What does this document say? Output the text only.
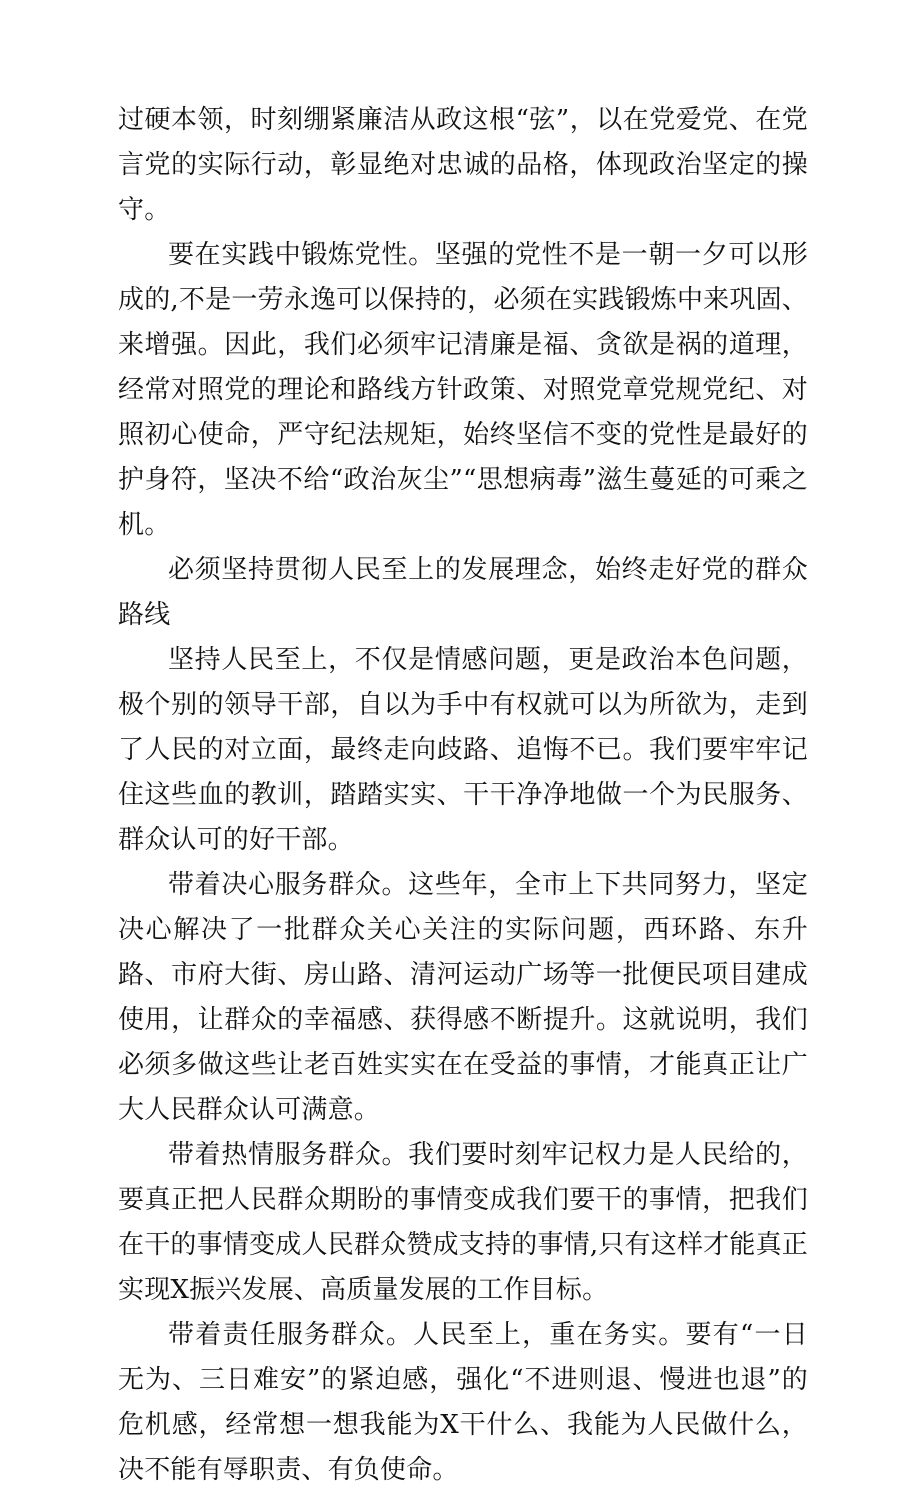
过硬本领，时刻绷紧廉洁从政这根“弦”，以在党爱党、在党言党的实际行动，彰显绝对忠诚的品格，体现政治坚定的操守。

要在实践中锻炼党性。坚强的党性不是一朝一夕可以形成的,不是一劳永逸可以保持的，必须在实践锻炼中来巩固、来增强。因此，我们必须牢记清廉是福、贪欲是祸的道理，经常对照党的理论和路线方针政策、对照党章党规党纪、对照初心使命，严守纪法规矩，始终坚信不变的党性是最好的护身符，坚决不给“政治灰尘”“思想病毒”滋生蔓延的可乘之机。

必须坚持贯彻人民至上的发展理念，始终走好党的群众路线

坚持人民至上，不仅是情感问题，更是政治本色问题，极个别的领导干部，自以为手中有权就可以为所欲为，走到了人民的对立面，最终走向歧路、追悔不已。我们要牢牢记住这些血的教训，踏踏实实、干干净净地做一个为民服务、群众认可的好干部。

带着决心服务群众。这些年，全市上下共同努力，坚定决心解决了一批群众关心关注的实际问题，西环路、东升路、市府大街、房山路、清河运动广场等一批便民项目建成使用，让群众的幸福感、获得感不断提升。这就说明，我们必须多做这些让老百姓实实在在受益的事情，才能真正让广大人民群众认可满意。

带着热情服务群众。我们要时刻牢记权力是人民给的，要真正把人民群众期盼的事情变成我们要干的事情，把我们在干的事情变成人民群众赞成支持的事情,只有这样才能真正实现X振兴发展、高质量发展的工作目标。

带着责任服务群众。人民至上，重在务实。要有“一日无为、三日难安”的紧迫感，强化“不进则退、慢进也退”的危机感，经常想一想我能为X干什么、我能为人民做什么，决不能有辱职责、有负使命。
